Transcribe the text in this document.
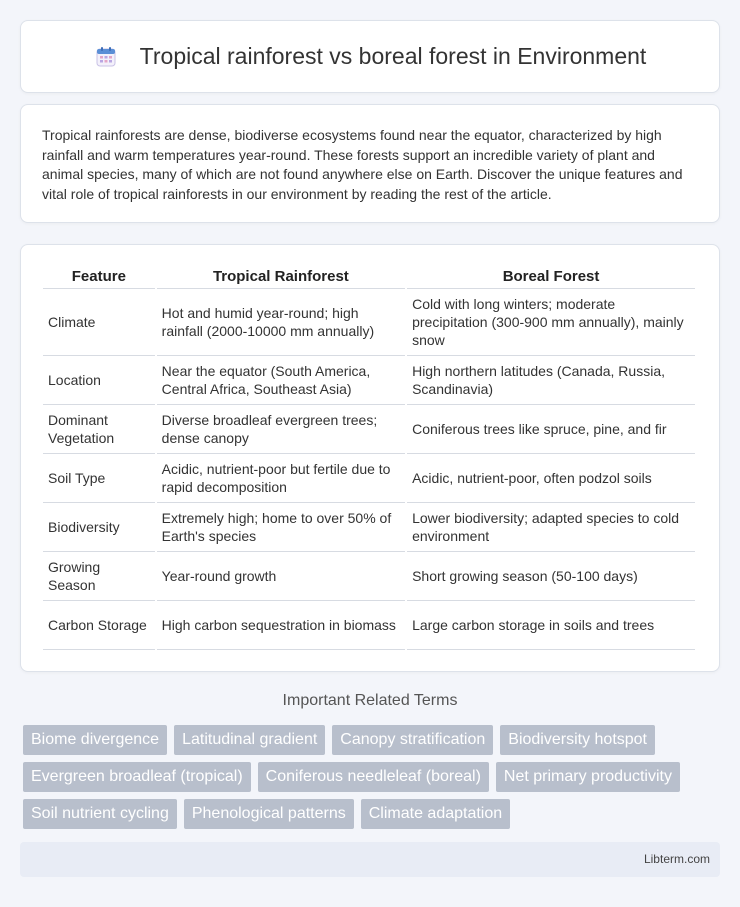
Tropical rainforest vs boreal forest in Environment

Tropical rainforests are dense, biodiverse ecosystems found near the equator, characterized by high rainfall and warm temperatures year-round. These forests support an incredible variety of plant and animal species, many of which are not found anywhere else on Earth. Discover the unique features and vital role of tropical rainforests in our environment by reading the rest of the article.

Feature	Tropical Rainforest	Boreal Forest
Climate	Hot and humid year-round; high rainfall (2000-10000 mm annually)	Cold with long winters; moderate precipitation (300-900 mm annually), mainly snow
Location	Near the equator (South America, Central Africa, Southeast Asia)	High northern latitudes (Canada, Russia, Scandinavia)
Dominant Vegetation	Diverse broadleaf evergreen trees; dense canopy	Coniferous trees like spruce, pine, and fir
Soil Type	Acidic, nutrient-poor but fertile due to rapid decomposition	Acidic, nutrient-poor, often podzol soils
Biodiversity	Extremely high; home to over 50% of Earth's species	Lower biodiversity; adapted species to cold environment
Growing Season	Year-round growth	Short growing season (50-100 days)
Carbon Storage	High carbon sequestration in biomass	Large carbon storage in soils and trees
Important Related Terms
Biome divergence	Latitudinal gradient	Canopy stratification	Biodiversity hotspot
Evergreen broadleaf (tropical)	Coniferous needleleaf (boreal)	Net primary productivity
Soil nutrient cycling	Phenological patterns	Climate adaptation
Libterm.com
